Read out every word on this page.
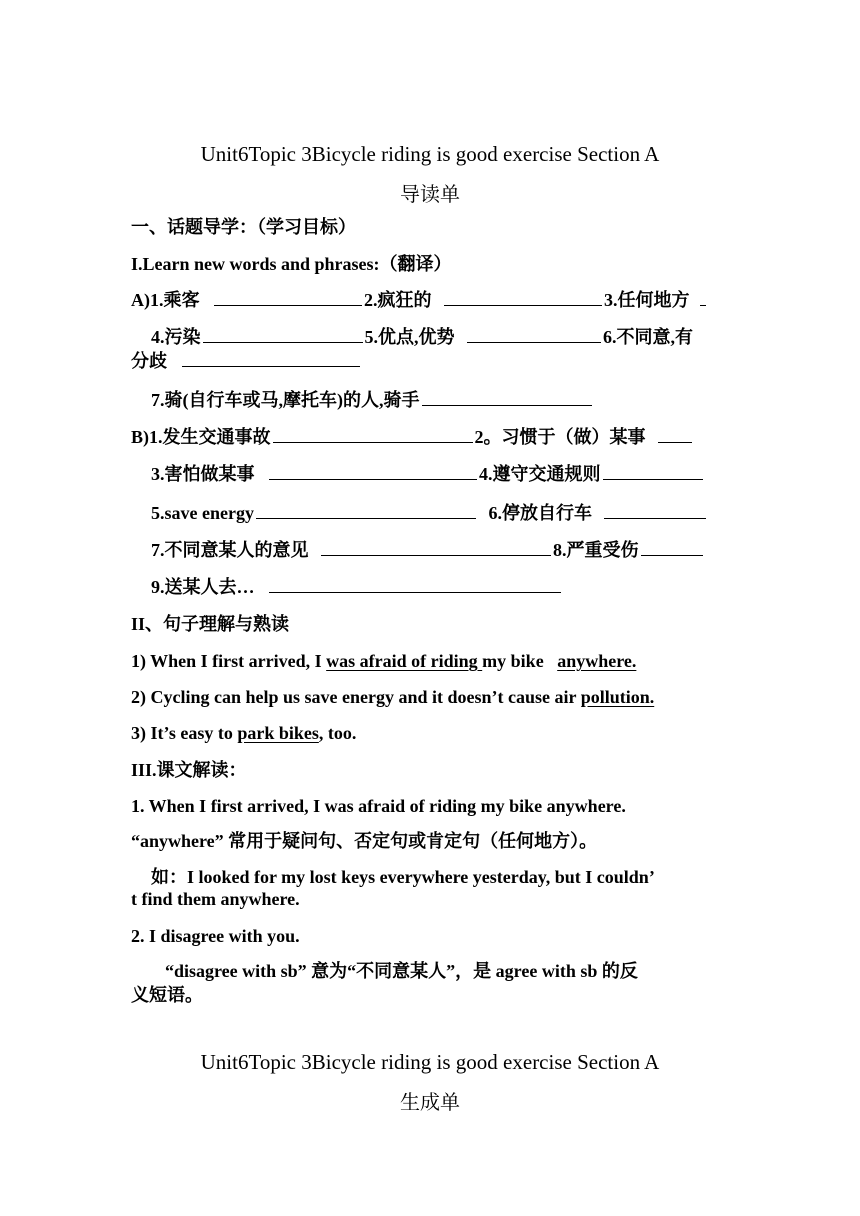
Unit6Topic 3Bicycle riding is good exercise Section A
导读单
一、话题导学：（学习目标）
I.Learn new words and phrases:（翻译）
A)1.乘客	2.疯狂的	3.任何地方
4.污染	5.优点,优势	6.不同意,有
分歧
7.骑(自行车或马,摩托车)的人,骑手
B)1.发生交通事故	2。习惯于（做）某事
3.害怕做某事	4.遵守交通规则
5.save energy	6.停放自行车
7.不同意某人的意见	8.严重受伤
9.送某人去…
II、句子理解与熟读
1) When I first arrived, I was afraid of riding my bike   anywhere.
2) Cycling can help us save energy and it doesn’t cause air pollution.
3) It’s easy to park bikes, too.
III.课文解读：
1. When I first arrived, I was afraid of riding my bike anywhere.
“anywhere” 常用于疑问句、否定句或肯定句（任何地方）。
如：I looked for my lost keys everywhere yesterday, but I couldn’
t find them anywhere.
2. I disagree with you.
“disagree with sb” 意为“不同意某人”，是 agree with sb 的反
义短语。
Unit6Topic 3Bicycle riding is good exercise Section A
生成单
